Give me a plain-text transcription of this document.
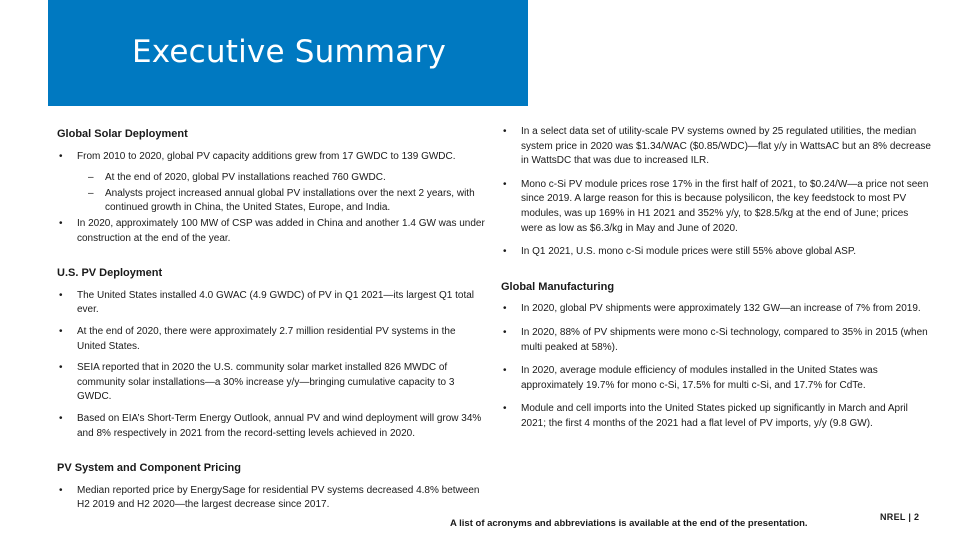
Executive Summary
Global Solar Deployment
• From 2010 to 2020, global PV capacity additions grew from 17 GWDC to 139 GWDC.
– At the end of 2020, global PV installations reached 760 GWDC.
– Analysts project increased annual global PV installations over the next 2 years, with continued growth in China, the United States, Europe, and India.
• In 2020, approximately 100 MW of CSP was added in China and another 1.4 GW was under construction at the end of the year.
U.S. PV Deployment
• The United States installed 4.0 GWAC (4.9 GWDC) of PV in Q1 2021—its largest Q1 total ever.
• At the end of 2020, there were approximately 2.7 million residential PV systems in the United States.
• SEIA reported that in 2020 the U.S. community solar market installed 826 MWDC of community solar installations—a 30% increase y/y—bringing cumulative capacity to 3 GWDC.
• Based on EIA’s Short-Term Energy Outlook, annual PV and wind deployment will grow 34% and 8% respectively in 2021 from the record-setting levels achieved in 2020.
PV System and Component Pricing
• Median reported price by EnergySage for residential PV systems decreased 4.8% between H2 2019 and H2 2020—the largest decrease since 2017.
• In a select data set of utility-scale PV systems owned by 25 regulated utilities, the median system price in 2020 was $1.34/WAC ($0.85/WDC)—flat y/y in WattsAC but an 8% decrease in WattsDC that was due to increased ILR.
• Mono c-Si PV module prices rose 17% in the first half of 2021, to $0.24/W—a price not seen since 2019. A large reason for this is because polysilicon, the key feedstock to most PV modules, was up 169% in H1 2021 and 352% y/y, to $28.5/kg at the end of June; prices were as low as $6.3/kg in May and June of 2020.
• In Q1 2021, U.S. mono c-Si module prices were still 55% above global ASP.
Global Manufacturing
• In 2020, global PV shipments were approximately 132 GW—an increase of 7% from 2019.
• In 2020, 88% of PV shipments were mono c-Si technology, compared to 35% in 2015 (when multi peaked at 58%).
• In 2020, average module efficiency of modules installed in the United States was approximately 19.7% for mono c-Si, 17.5% for multi c-Si, and 17.7% for CdTe.
• Module and cell imports into the United States picked up significantly in March and April 2021; the first 4 months of the 2021 had a flat level of PV imports, y/y (9.8 GW).
A list of acronyms and abbreviations is available at the end of the presentation.
NREL | 2
